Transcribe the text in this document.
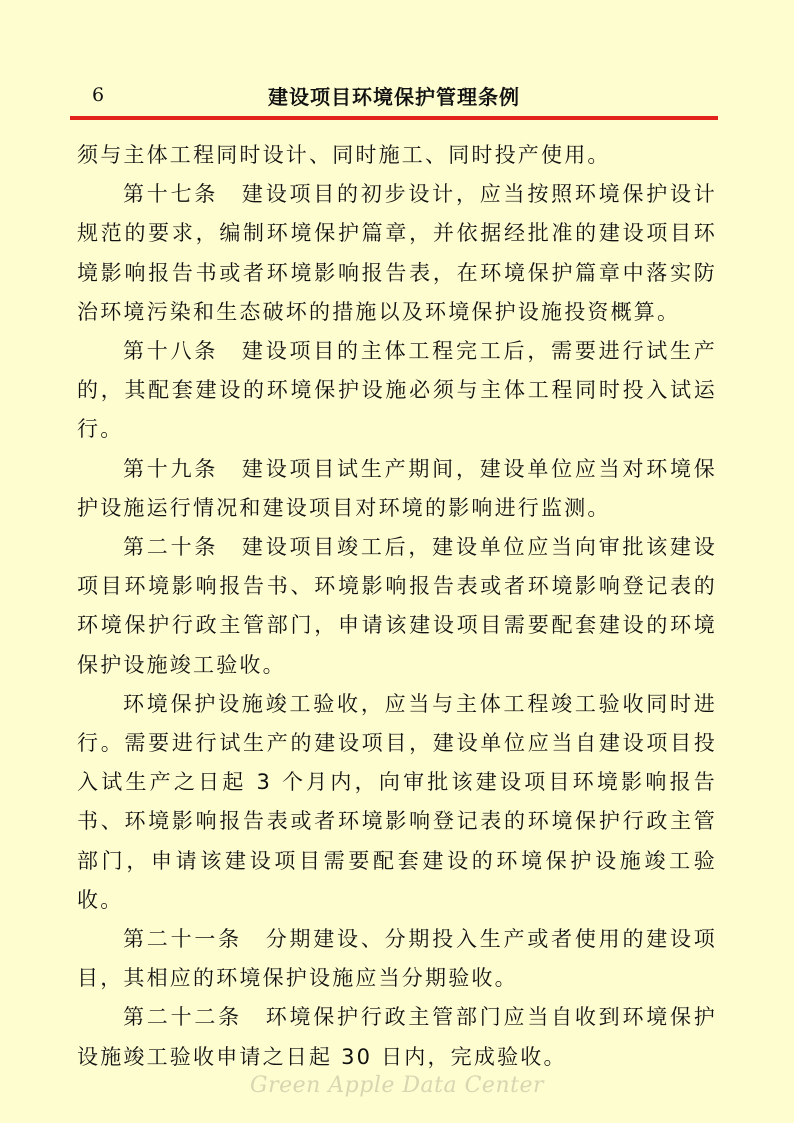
6	建设项目环境保护管理条例

须与主体工程同时设计、同时施工、同时投产使用。

第十七条　建设项目的初步设计，应当按照环境保护设计规范的要求，编制环境保护篇章，并依据经批准的建设项目环境影响报告书或者环境影响报告表，在环境保护篇章中落实防治环境污染和生态破坏的措施以及环境保护设施投资概算。

第十八条　建设项目的主体工程完工后，需要进行试生产的，其配套建设的环境保护设施必须与主体工程同时投入试运行。

第十九条　建设项目试生产期间，建设单位应当对环境保护设施运行情况和建设项目对环境的影响进行监测。

第二十条　建设项目竣工后，建设单位应当向审批该建设项目环境影响报告书、环境影响报告表或者环境影响登记表的环境保护行政主管部门，申请该建设项目需要配套建设的环境保护设施竣工验收。

环境保护设施竣工验收，应当与主体工程竣工验收同时进行。需要进行试生产的建设项目，建设单位应当自建设项目投入试生产之日起 3 个月内，向审批该建设项目环境影响报告书、环境影响报告表或者环境影响登记表的环境保护行政主管部门，申请该建设项目需要配套建设的环境保护设施竣工验收。

第二十一条　分期建设、分期投入生产或者使用的建设项目，其相应的环境保护设施应当分期验收。

第二十二条　环境保护行政主管部门应当自收到环境保护设施竣工验收申请之日起 30 日内，完成验收。

Green Apple Data Center
